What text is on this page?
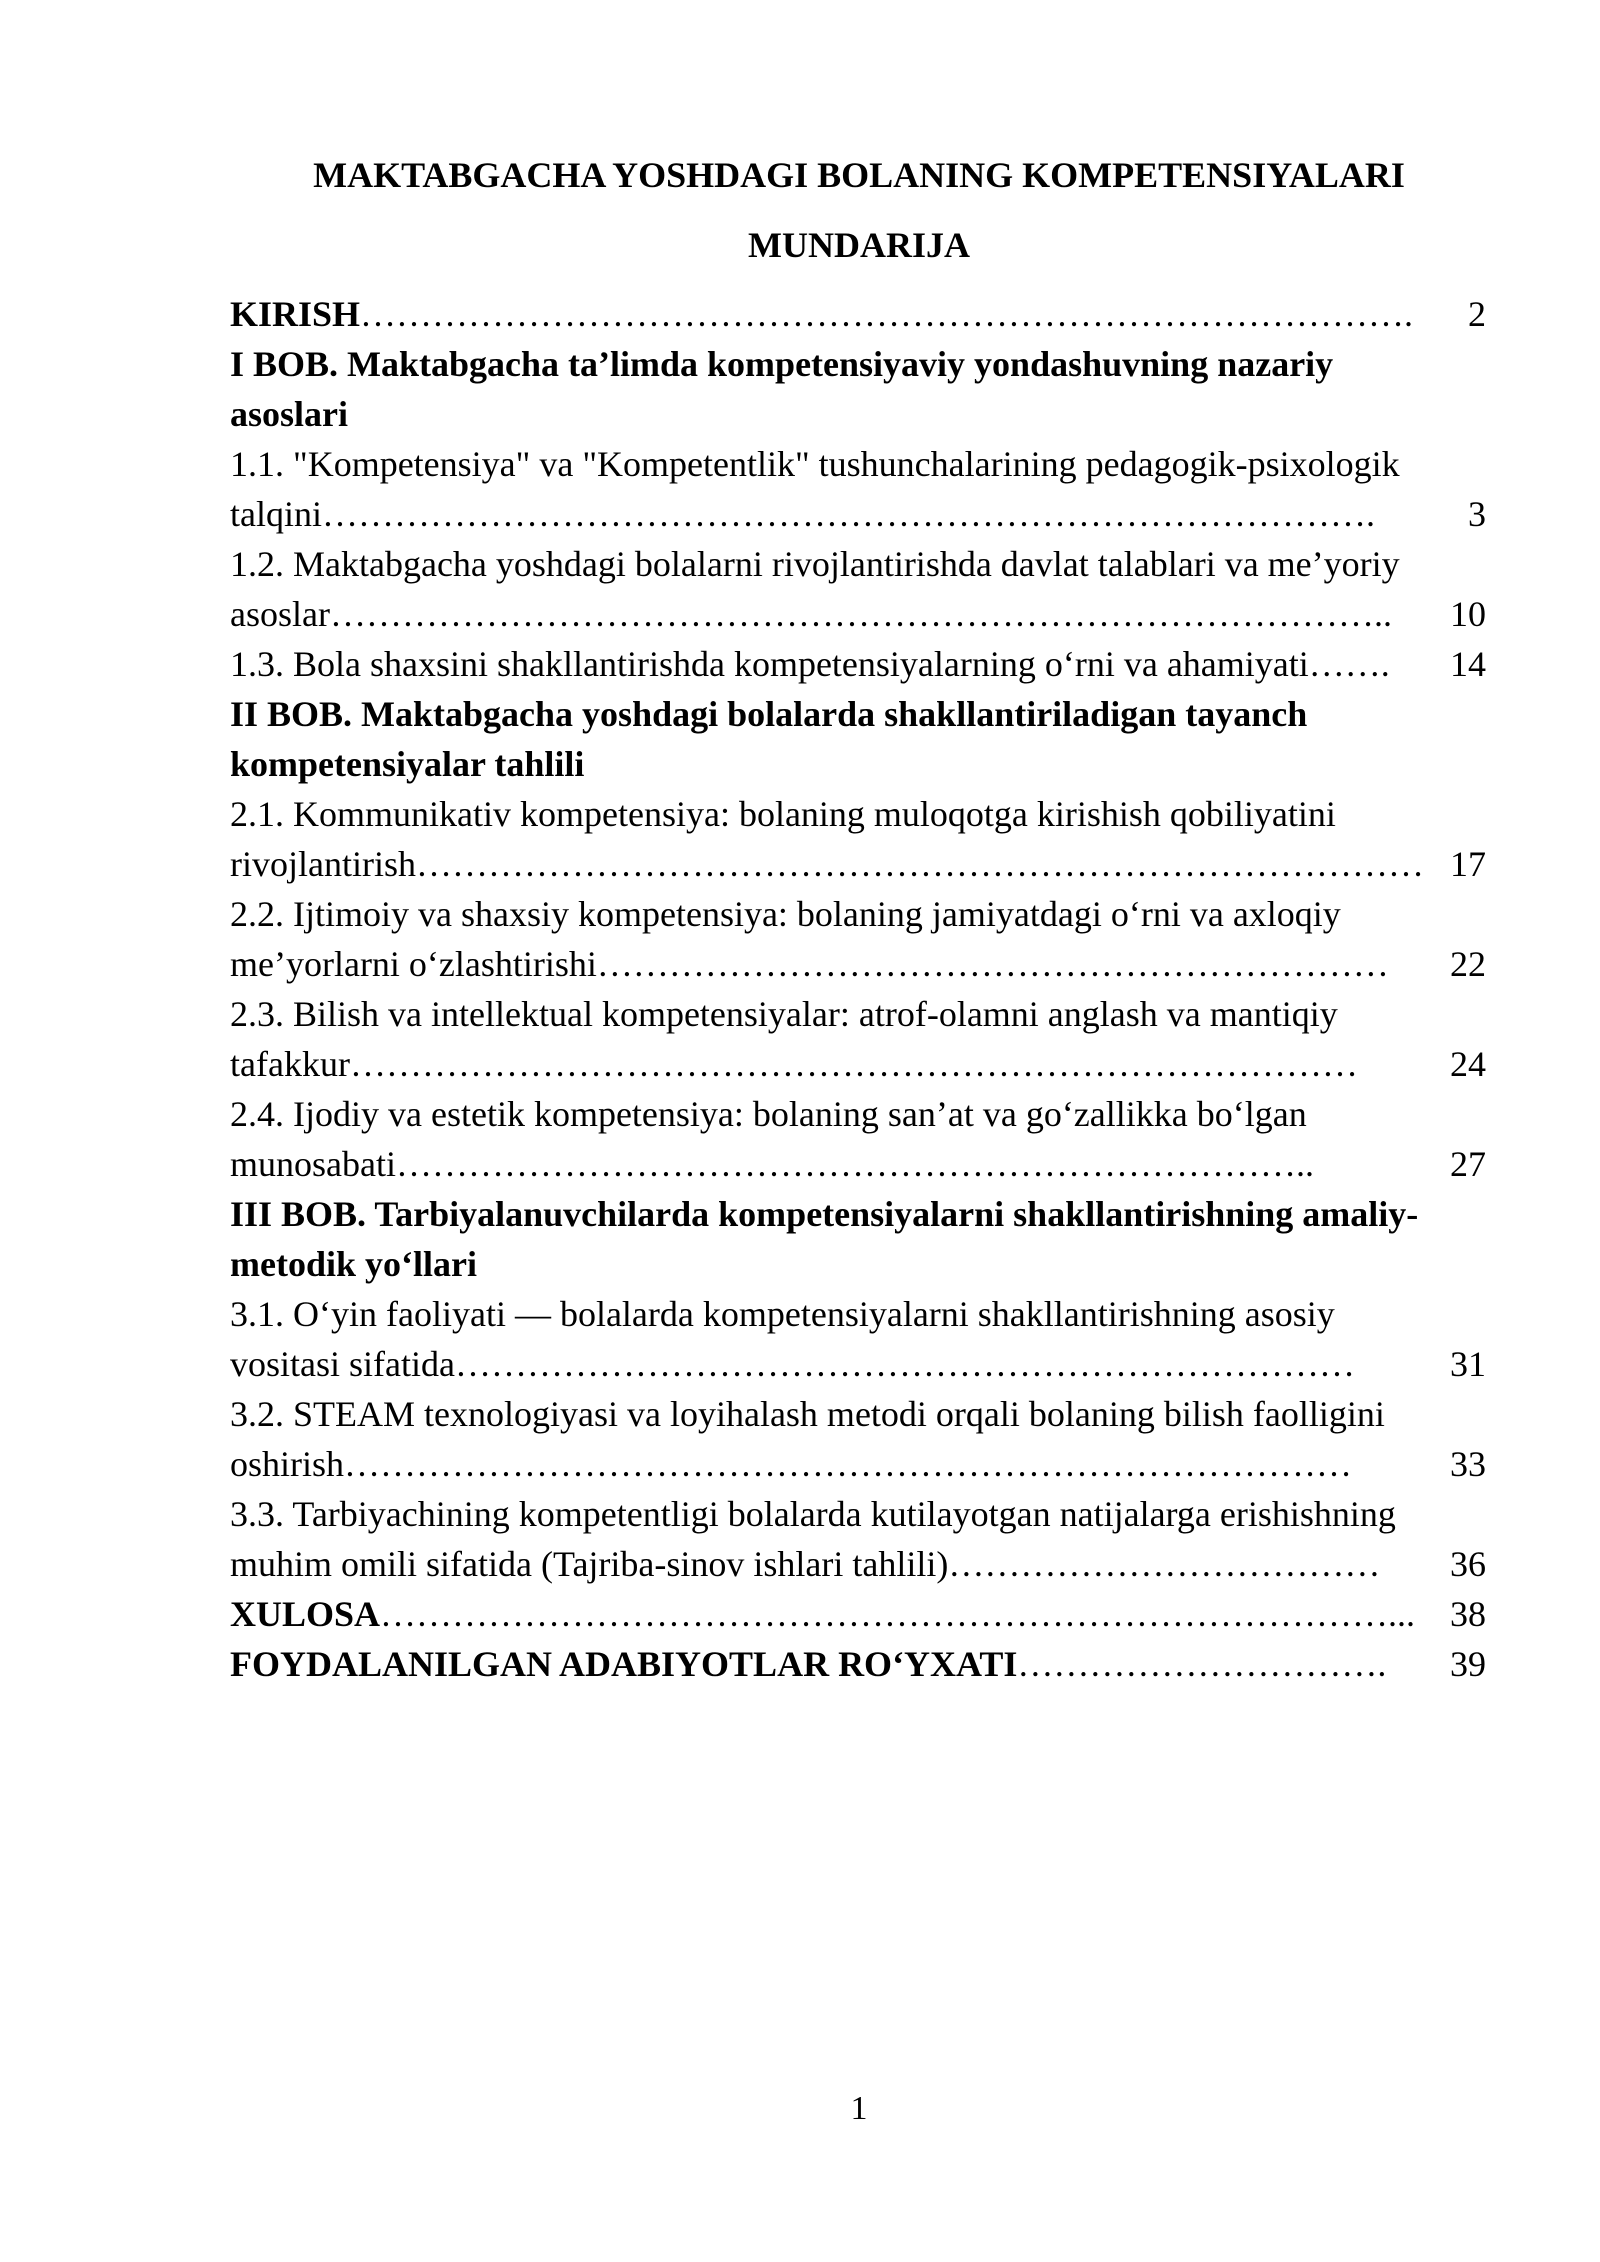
MAKTABGACHA YOSHDAGI BOLANING KOMPETENSIYALARI
MUNDARIJA
KIRISH …………………………………………………………………………….	2
I BOB. Maktabgacha ta’limda kompetensiyaviy yondashuvning nazariy
asoslari
1.1. "Kompetensiya" va "Kompetentlik" tushunchalarining pedagogik-psixologik
talqini …………………………………………………………………………….	3
1.2. Maktabgacha yoshdagi bolalarni rivojlantirishda davlat talablari va me’yoriy
asoslar ……………………………………………………………………………..	10
1.3. Bola shaxsini shakllantirishda kompetensiyalarning o‘rni va ahamiyati …….	14
II BOB. Maktabgacha yoshdagi bolalarda shakllantiriladigan tayanch
kompetensiyalar tahlili
2.1. Kommunikativ kompetensiya: bolaning muloqotga kirishish qobiliyatini
rivojlantirish ………………………………………………………………………… 17
2.2. Ijtimoiy va shaxsiy kompetensiya: bolaning jamiyatdagi o‘rni va axloqiy
me’yorlarni o‘zlashtirishi …………………………………………………………	22
2.3. Bilish va intellektual kompetensiyalar: atrof-olamni anglash va mantiqiy
tafakkur …………………………………………………………………………	24
2.4. Ijodiy va estetik kompetensiya: bolaning san’at va go‘zallikka bo‘lgan
munosabati …………………………………………………………………..	27
III BOB. Tarbiyalanuvchilarda kompetensiyalarni shakllantirishning amaliy-
metodik yo‘llari
3.1. O‘yin faoliyati — bolalarda kompetensiyalarni shakllantirishning asosiy
vositasi sifatida …………………………………………………………………	31
3.2. STEAM texnologiyasi va loyihalash metodi orqali bolaning bilish faolligini
oshirish …………………………………………………………………………	33
3.3. Tarbiyachining kompetentligi bolalarda kutilayotgan natijalarga erishishning
muhim omili sifatida (Tajriba-sinov ishlari tahlili) ………………………………	36
XULOSA …………………………………………………………………………... 38
FOYDALANILGAN ADABIYOTLAR RO‘YXATI ………………………….	39
1
